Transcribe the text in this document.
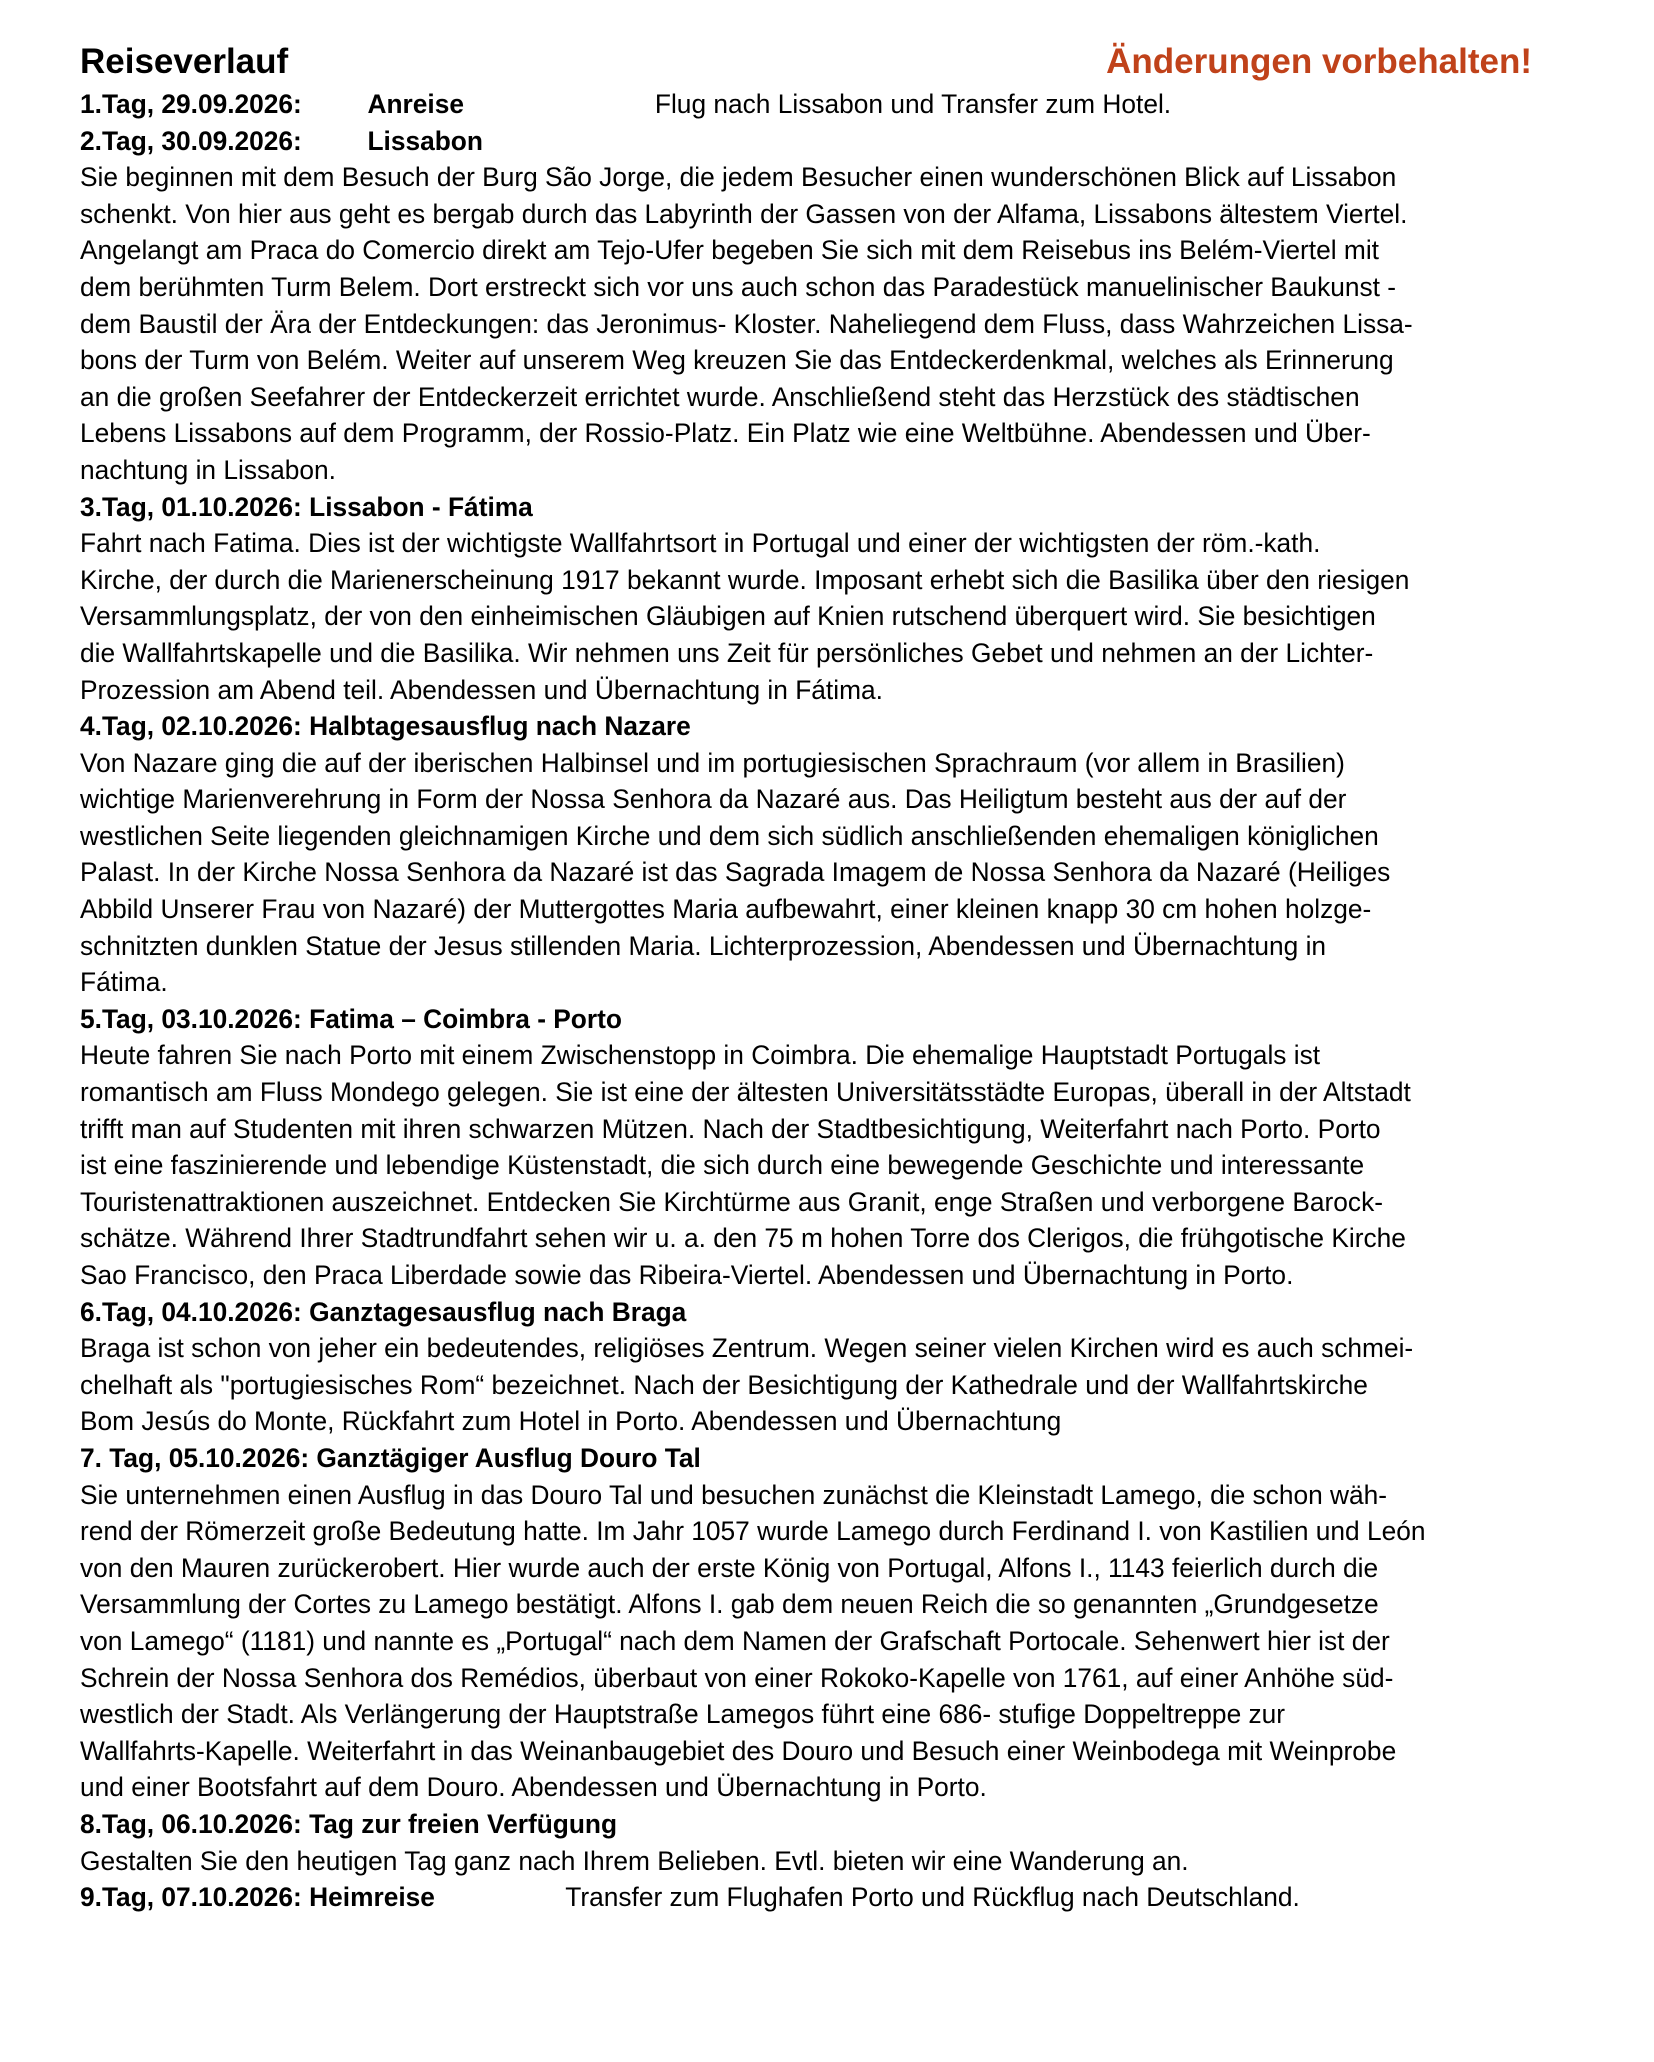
Reiseverlauf	Änderungen vorbehalten!
1.Tag, 29.09.2026: Anreise	Flug nach Lissabon und Transfer zum Hotel.
2.Tag, 30.09.2026: Lissabon
Sie beginnen mit dem Besuch der Burg São Jorge, die jedem Besucher einen wunderschönen Blick auf Lissabon
schenkt. Von hier aus geht es bergab durch das Labyrinth der Gassen von der Alfama, Lissabons ältestem Viertel.
Angelangt am Praca do Comercio direkt am Tejo-Ufer begeben Sie sich mit dem Reisebus ins Belém-Viertel mit
dem berühmten Turm Belem. Dort erstreckt sich vor uns auch schon das Paradestück manuelinischer Baukunst -
dem Baustil der Ära der Entdeckungen: das Jeronimus- Kloster. Naheliegend dem Fluss, dass Wahrzeichen Lissa-
bons der Turm von Belém. Weiter auf unserem Weg kreuzen Sie das Entdeckerdenkmal, welches als Erinnerung
an die großen Seefahrer der Entdeckerzeit errichtet wurde. Anschließend steht das Herzstück des städtischen
Lebens Lissabons auf dem Programm, der Rossio-Platz. Ein Platz wie eine Weltbühne. Abendessen und Über-
nachtung in Lissabon.
3.Tag, 01.10.2026: Lissabon - Fátima
Fahrt nach Fatima. Dies ist der wichtigste Wallfahrtsort in Portugal und einer der wichtigsten der röm.-kath.
Kirche, der durch die Marienerscheinung 1917 bekannt wurde. Imposant erhebt sich die Basilika über den riesigen
Versammlungsplatz, der von den einheimischen Gläubigen auf Knien rutschend überquert wird. Sie besichtigen
die Wallfahrtskapelle und die Basilika. Wir nehmen uns Zeit für persönliches Gebet und nehmen an der Lichter-
Prozession am Abend teil. Abendessen und Übernachtung in Fátima.
4.Tag, 02.10.2026: Halbtagesausflug nach Nazare
Von Nazare ging die auf der iberischen Halbinsel und im portugiesischen Sprachraum (vor allem in Brasilien)
wichtige Marienverehrung in Form der Nossa Senhora da Nazaré aus. Das Heiligtum besteht aus der auf der
westlichen Seite liegenden gleichnamigen Kirche und dem sich südlich anschließenden ehemaligen königlichen
Palast. In der Kirche Nossa Senhora da Nazaré ist das Sagrada Imagem de Nossa Senhora da Nazaré (Heiliges
Abbild Unserer Frau von Nazaré) der Muttergottes Maria aufbewahrt, einer kleinen knapp 30 cm hohen holzge-
schnitzten dunklen Statue der Jesus stillenden Maria. Lichterprozession, Abendessen und Übernachtung in
Fátima.
5.Tag, 03.10.2026: Fatima – Coimbra - Porto
Heute fahren Sie nach Porto mit einem Zwischenstopp in Coimbra. Die ehemalige Hauptstadt Portugals ist
romantisch am Fluss Mondego gelegen. Sie ist eine der ältesten Universitätsstädte Europas, überall in der Altstadt
trifft man auf Studenten mit ihren schwarzen Mützen. Nach der Stadtbesichtigung, Weiterfahrt nach Porto. Porto
ist eine faszinierende und lebendige Küstenstadt, die sich durch eine bewegende Geschichte und interessante
Touristenattraktionen auszeichnet. Entdecken Sie Kirchtürme aus Granit, enge Straßen und verborgene Barock-
schätze. Während Ihrer Stadtrundfahrt sehen wir u. a. den 75 m hohen Torre dos Clerigos, die frühgotische Kirche
Sao Francisco, den Praca Liberdade sowie das Ribeira-Viertel. Abendessen und Übernachtung in Porto.
6.Tag, 04.10.2026: Ganztagesausflug nach Braga
Braga ist schon von jeher ein bedeutendes, religiöses Zentrum. Wegen seiner vielen Kirchen wird es auch schmei-
chelhaft als "portugiesisches Rom“ bezeichnet. Nach der Besichtigung der Kathedrale und der Wallfahrtskirche
Bom Jesús do Monte, Rückfahrt zum Hotel in Porto. Abendessen und Übernachtung
7. Tag, 05.10.2026: Ganztägiger Ausflug Douro Tal
Sie unternehmen einen Ausflug in das Douro Tal und besuchen zunächst die Kleinstadt Lamego, die schon wäh-
rend der Römerzeit große Bedeutung hatte. Im Jahr 1057 wurde Lamego durch Ferdinand I. von Kastilien und León
von den Mauren zurückerobert. Hier wurde auch der erste König von Portugal, Alfons I., 1143 feierlich durch die
Versammlung der Cortes zu Lamego bestätigt. Alfons I. gab dem neuen Reich die so genannten „Grundgesetze
von Lamego“ (1181) und nannte es „Portugal“ nach dem Namen der Grafschaft Portocale. Sehenwert hier ist der
Schrein der Nossa Senhora dos Remédios, überbaut von einer Rokoko-Kapelle von 1761, auf einer Anhöhe süd-
westlich der Stadt. Als Verlängerung der Hauptstraße Lamegos führt eine 686- stufige Doppeltreppe zur
Wallfahrts-Kapelle. Weiterfahrt in das Weinanbaugebiet des Douro und Besuch einer Weinbodega mit Weinprobe
und einer Bootsfahrt auf dem Douro. Abendessen und Übernachtung in Porto.
8.Tag, 06.10.2026: Tag zur freien Verfügung
Gestalten Sie den heutigen Tag ganz nach Ihrem Belieben. Evtl. bieten wir eine Wanderung an.
9.Tag, 07.10.2026: Heimreise	Transfer zum Flughafen Porto und Rückflug nach Deutschland.
